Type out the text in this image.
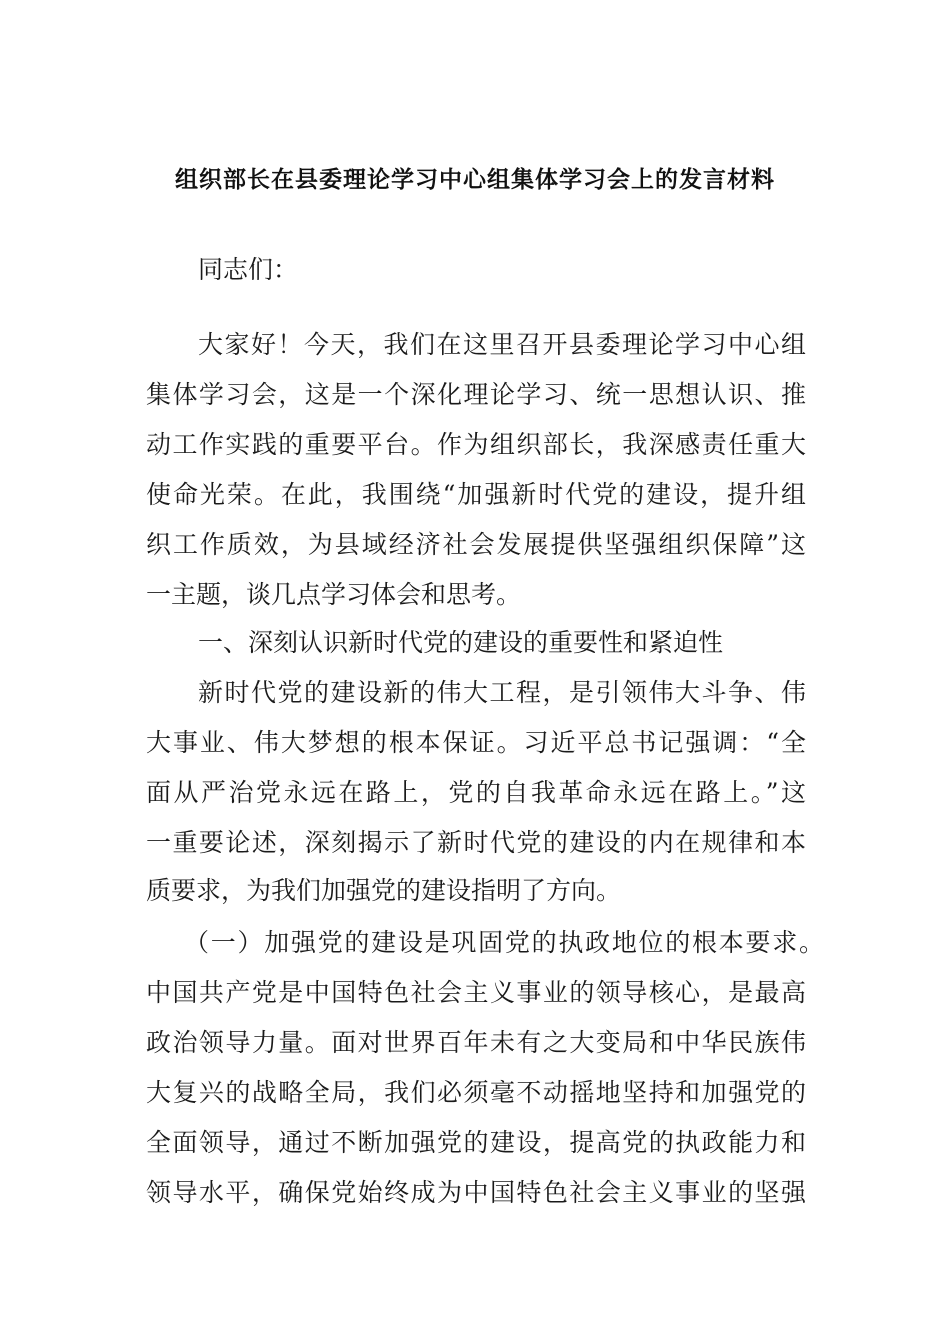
组织部长在县委理论学习中心组集体学习会上的发言材料
同志们：
大家好！今天，我们在这里召开县委理论学习中心组
集体学习会，这是一个深化理论学习、统一思想认识、推
动工作实践的重要平台。作为组织部长，我深感责任重大
使命光荣。在此，我围绕“加强新时代党的建设，提升组
织工作质效，为县域经济社会发展提供坚强组织保障”这
一主题，谈几点学习体会和思考。
一、深刻认识新时代党的建设的重要性和紧迫性
新时代党的建设新的伟大工程，是引领伟大斗争、伟
大事业、伟大梦想的根本保证。习近平总书记强调：“全
面从严治党永远在路上，党的自我革命永远在路上。”这
一重要论述，深刻揭示了新时代党的建设的内在规律和本
质要求，为我们加强党的建设指明了方向。
（一）加强党的建设是巩固党的执政地位的根本要求。
中国共产党是中国特色社会主义事业的领导核心，是最高
政治领导力量。面对世界百年未有之大变局和中华民族伟
大复兴的战略全局，我们必须毫不动摇地坚持和加强党的
全面领导，通过不断加强党的建设，提高党的执政能力和
领导水平，确保党始终成为中国特色社会主义事业的坚强
